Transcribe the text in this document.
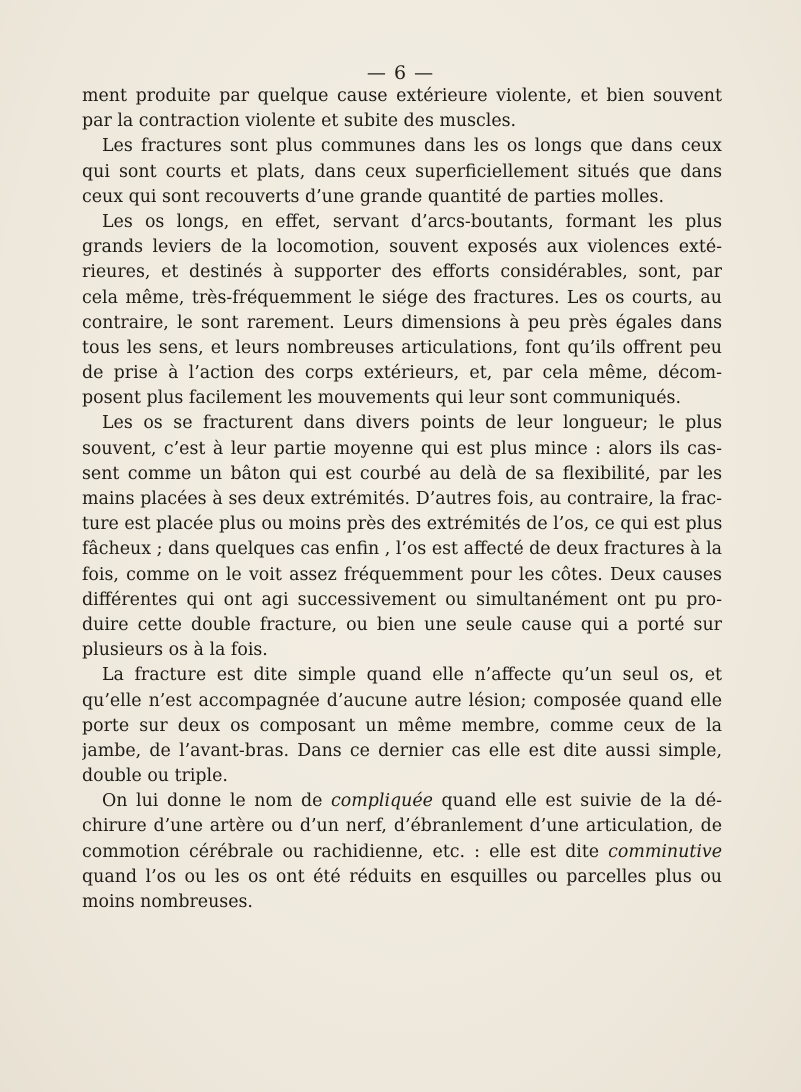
— 6 —
ment produite par quelque cause extérieure violente, et bien souvent
par la contraction violente et subite des muscles.
Les fractures sont plus communes dans les os longs que dans ceux
qui sont courts et plats, dans ceux superficiellement situés que dans
ceux qui sont recouverts d’une grande quantité de parties molles.
Les os longs, en effet, servant d’arcs-boutants, formant les plus
grands leviers de la locomotion, souvent exposés aux violences exté-
rieures, et destinés à supporter des efforts considérables, sont, par
cela même, très-fréquemment le siége des fractures. Les os courts, au
contraire, le sont rarement. Leurs dimensions à peu près égales dans
tous les sens, et leurs nombreuses articulations, font qu’ils offrent peu
de prise à l’action des corps extérieurs, et, par cela même, décom-
posent plus facilement les mouvements qui leur sont communiqués.
Les os se fracturent dans divers points de leur longueur; le plus
souvent, c’est à leur partie moyenne qui est plus mince : alors ils cas-
sent comme un bâton qui est courbé au delà de sa flexibilité, par les
mains placées à ses deux extrémités. D’autres fois, au contraire, la frac-
ture est placée plus ou moins près des extrémités de l’os, ce qui est plus
fâcheux ; dans quelques cas enfin , l’os est affecté de deux fractures à la
fois, comme on le voit assez fréquemment pour les côtes. Deux causes
différentes qui ont agi successivement ou simultanément ont pu pro-
duire cette double fracture, ou bien une seule cause qui a porté sur
plusieurs os à la fois.
La fracture est dite simple quand elle n’affecte qu’un seul os, et
qu’elle n’est accompagnée d’aucune autre lésion; composée quand elle
porte sur deux os composant un même membre, comme ceux de la
jambe, de l’avant-bras. Dans ce dernier cas elle est dite aussi simple,
double ou triple.
On lui donne le nom de compliquée quand elle est suivie de la dé-
chirure d’une artère ou d’un nerf, d’ébranlement d’une articulation, de
commotion cérébrale ou rachidienne, etc. : elle est dite comminutive
quand l’os ou les os ont été réduits en esquilles ou parcelles plus ou
moins nombreuses.
